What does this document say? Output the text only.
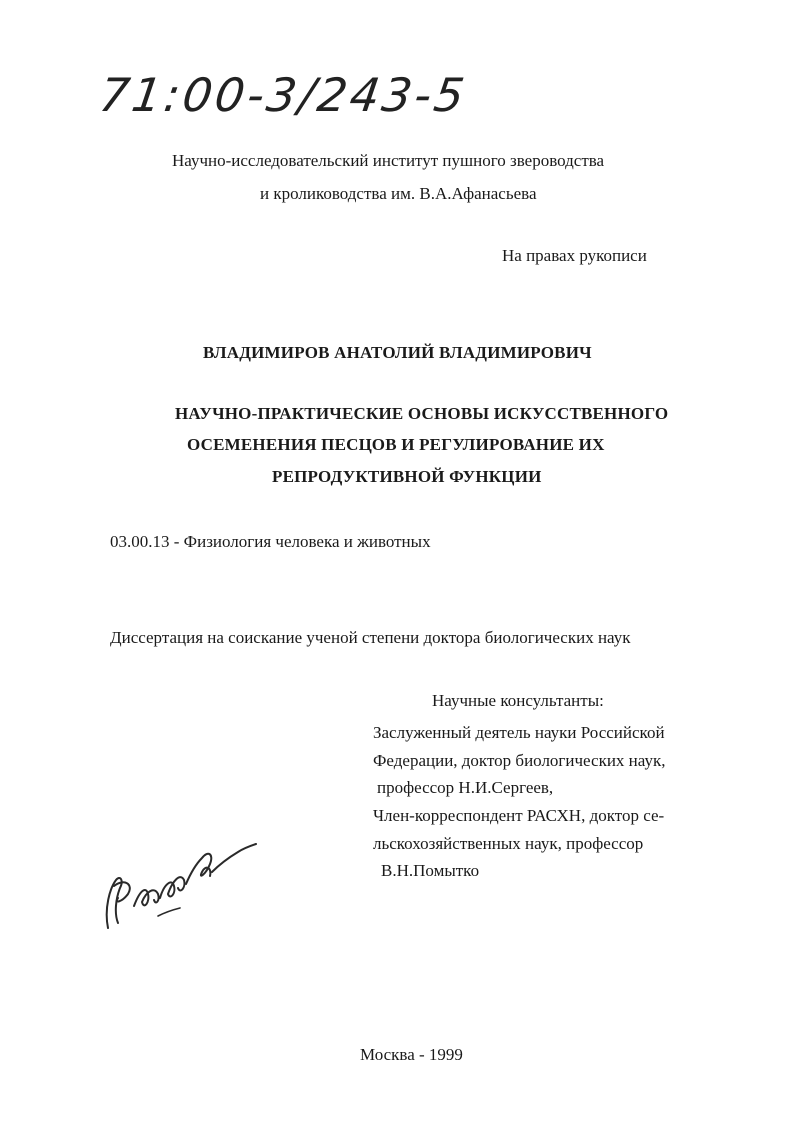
71:00-3/243-5
Научно-исследовательский институт пушного звероводства
и кролиководства им. В.А.Афанасьева
На правах рукописи
ВЛАДИМИРОВ АНАТОЛИЙ ВЛАДИМИРОВИЧ
НАУЧНО-ПРАКТИЧЕСКИЕ ОСНОВЫ ИСКУССТВЕННОГО
ОСЕМЕНЕНИЯ ПЕСЦОВ И РЕГУЛИРОВАНИЕ ИХ
РЕПРОДУКТИВНОЙ ФУНКЦИИ
03.00.13 - Физиология человека и животных
Диссертация на соискание ученой степени доктора биологических наук
Научные консультанты:
Заслуженный деятель науки Российской
Федерации, доктор биологических наук,
профессор Н.И.Сергеев,
Член-корреспондент РАСХН, доктор се-
льскохозяйственных наук, профессор
В.Н.Помытко
Москва - 1999
